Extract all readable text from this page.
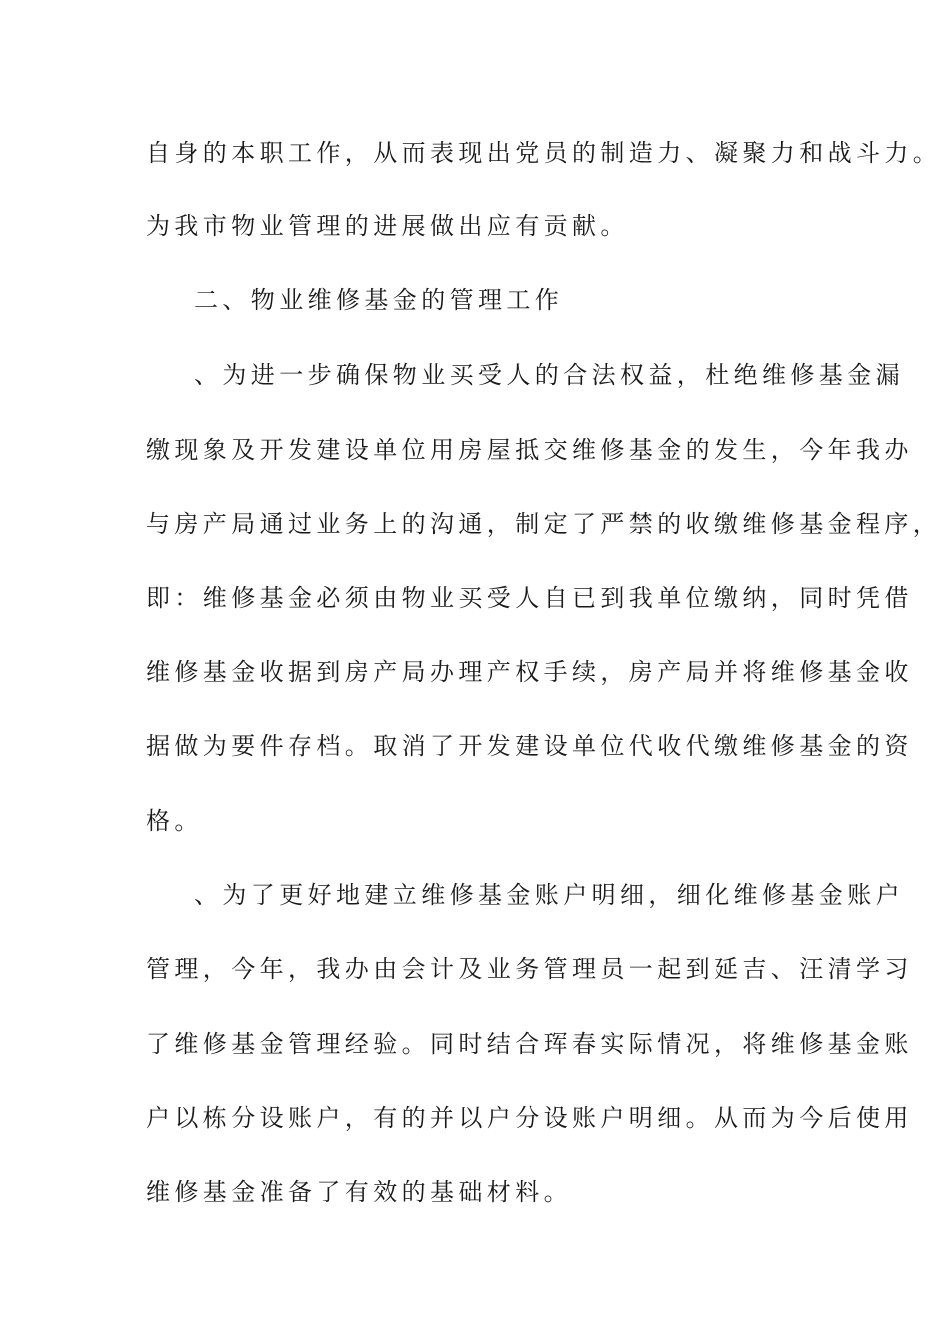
自身的本职工作，从而表现出党员的制造力、凝聚力和战斗力。

为我市物业管理的进展做出应有贡献。

二、物业维修基金的管理工作

、为进一步确保物业买受人的合法权益，杜绝维修基金漏

缴现象及开发建设单位用房屋抵交维修基金的发生，今年我办

与房产局通过业务上的沟通，制定了严禁的收缴维修基金程序，

即：维修基金必须由物业买受人自已到我单位缴纳，同时凭借

维修基金收据到房产局办理产权手续，房产局并将维修基金收

据做为要件存档。取消了开发建设单位代收代缴维修基金的资

格。

、为了更好地建立维修基金账户明细，细化维修基金账户

管理，今年，我办由会计及业务管理员一起到延吉、汪清学习

了维修基金管理经验。同时结合珲春实际情况，将维修基金账

户以栋分设账户，有的并以户分设账户明细。从而为今后使用

维修基金准备了有效的基础材料。
